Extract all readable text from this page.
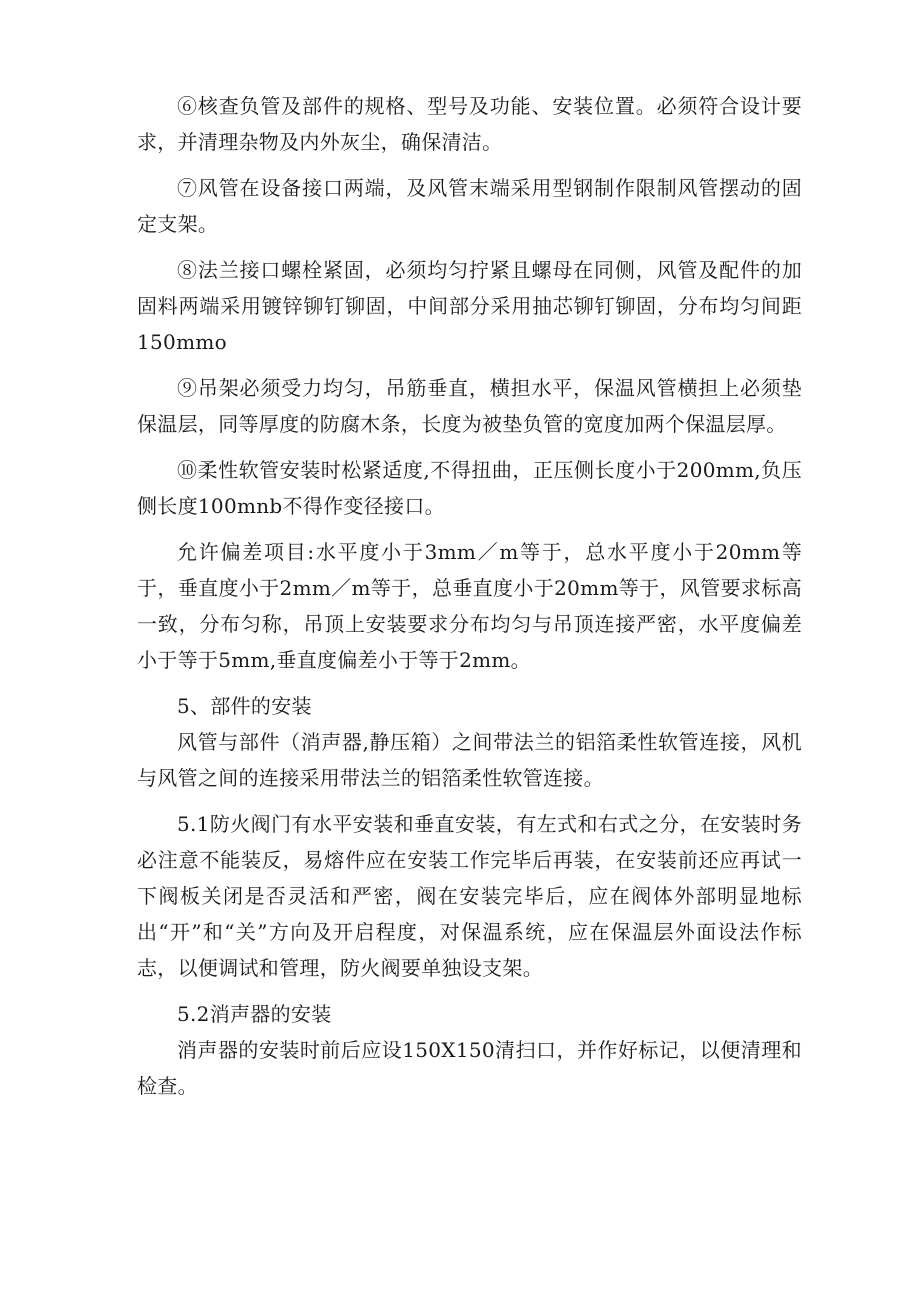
⑥核查负管及部件的规格、型号及功能、安装位置。必须符合设计要求，并清理杂物及内外灰尘，确保清洁。

⑦风管在设备接口两端，及风管末端采用型钢制作限制风管摆动的固定支架。

⑧法兰接口螺栓紧固，必须均匀拧紧且螺母在同侧，风管及配件的加固料两端采用镀锌铆钉铆固，中间部分采用抽芯铆钉铆固，分布均匀间距150mmo

⑨吊架必须受力均匀，吊筋垂直，横担水平，保温风管横担上必须垫保温层，同等厚度的防腐木条，长度为被垫负管的宽度加两个保温层厚。

⑩柔性软管安装时松紧适度,不得扭曲，正压侧长度小于200mm,负压侧长度100mnb不得作变径接口。

允许偏差项目:水平度小于3mm／m等于，总水平度小于20mm等于，垂直度小于2mm／m等于，总垂直度小于20mm等于，风管要求标高一致，分布匀称，吊顶上安装要求分布均匀与吊顶连接严密，水平度偏差小于等于5mm,垂直度偏差小于等于2mm。

5、部件的安装

风管与部件（消声器,静压箱）之间带法兰的铝箔柔性软管连接，风机与风管之间的连接采用带法兰的铝箔柔性软管连接。

5.1防火阀门有水平安装和垂直安装，有左式和右式之分，在安装时务必注意不能装反，易熔件应在安装工作完毕后再装，在安装前还应再试一下阀板关闭是否灵活和严密，阀在安装完毕后，应在阀体外部明显地标出“开”和“关”方向及开启程度，对保温系统，应在保温层外面设法作标志，以便调试和管理，防火阀要单独设支架。

5.2消声器的安装

消声器的安装时前后应设150X150清扫口，并作好标记，以便清理和检查。
